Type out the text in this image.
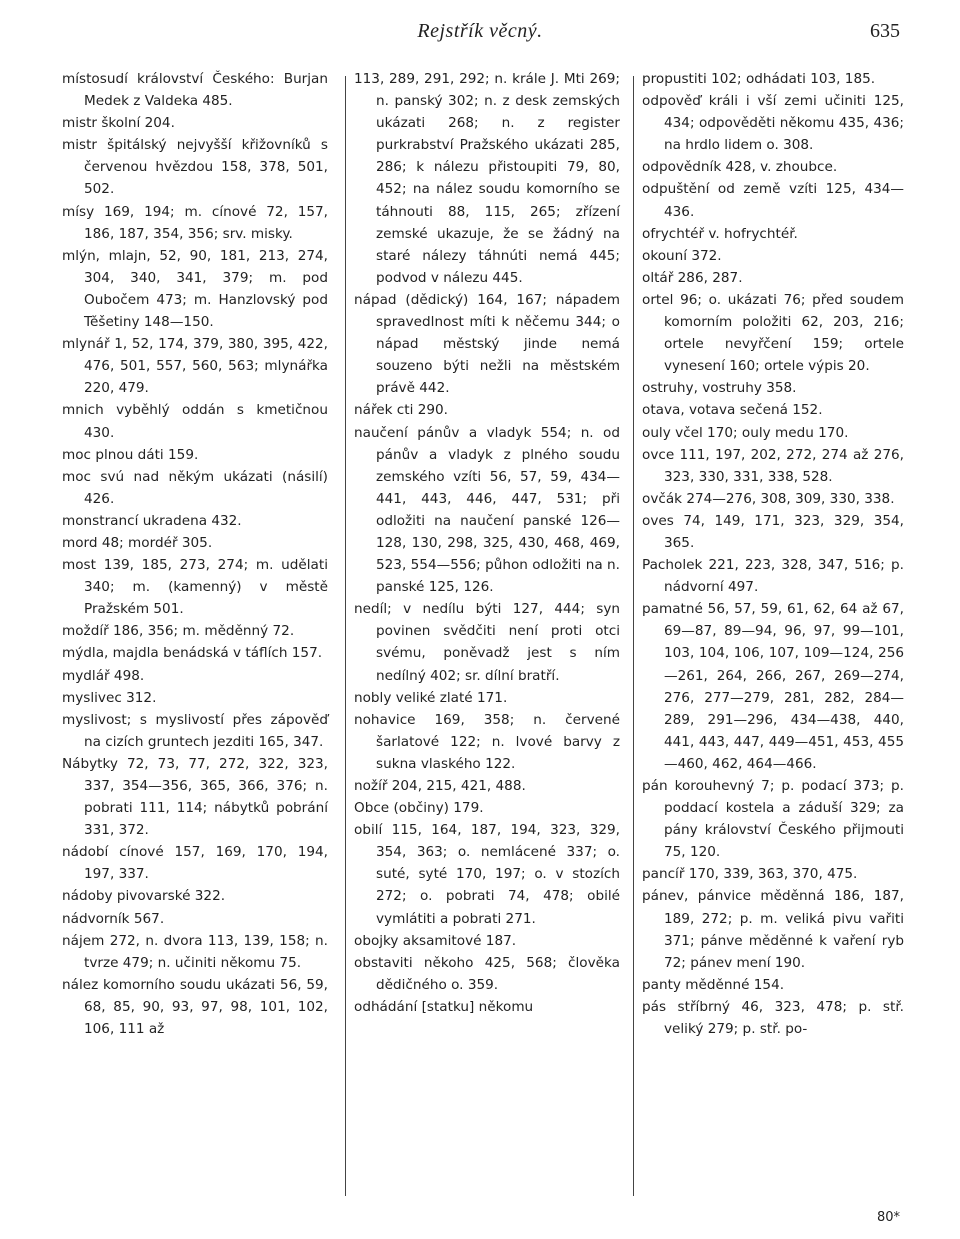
Rejstřík věcný.	635

místosudí království Českého: Burjan Medek z Valdeka 485.

mistr školní 204.

mistr špitálský nejvyšší křižovníků s červenou hvězdou 158, 378, 501, 502.

mísy 169, 194; m. cínové 72, 157, 186, 187, 354, 356; srv. misky.

mlýn, mlajn, 52, 90, 181, 213, 274, 304, 340, 341, 379; m. pod Oubočem 473; m. Hanzlovský pod Těšetiny 148—150.

mlynář 1, 52, 174, 379, 380, 395, 422, 476, 501, 557, 560, 563; mlynářka 220, 479.

mnich vyběhlý oddán s kmetičnou 430.

moc plnou dáti 159.

moc svú nad někým ukázati (násilí) 426.

monstrancí ukradena 432.

mord 48; mordéř 305.

most 139, 185, 273, 274; m. udělati 340; m. (kamenný) v městě Pražském 501.

moždíř 186, 356; m. měděnný 72.

mýdla, majdla benádská v táflích 157.

mydlář 498.

myslivec 312.

myslivost; s myslivostí přes zápověď na cizích gruntech jezditi 165, 347.

Nábytky 72, 73, 77, 272, 322, 323, 337, 354—356, 365, 366, 376; n. pobrati 111, 114; nábytků pobrání 331, 372.

nádobí cínové 157, 169, 170, 194, 197, 337.

nádoby pivovarské 322.

nádvorník 567.

nájem 272, n. dvora 113, 139, 158; n. tvrze 479; n. učiniti někomu 75.

nález komorního soudu ukázati 56, 59, 68, 85, 90, 93, 97, 98, 101, 102, 106, 111 až

113, 289, 291, 292; n. krále J. Mti 269; n. panský 302; n. z desk zemských ukázati 268; n. z register purkrabství Pražského ukázati 285, 286; k nálezu přistoupiti 79, 80, 452; na nález soudu komorního se táhnouti 88, 115, 265; zřízení zemské ukazuje, že se žádný na staré nálezy táhnúti nemá 445; podvod v nálezu 445.

nápad (dědický) 164, 167; nápadem spravedlnost míti k něčemu 344; o nápad městský jinde nemá souzeno býti nežli na městském právě 442.

nářek cti 290.

naučení pánův a vladyk 554; n. od pánův a vladyk z plného soudu zemského vzíti 56, 57, 59, 434—441, 443, 446, 447, 531; při odložiti na naučení panské 126—128, 130, 298, 325, 430, 468, 469, 523, 554—556; půhon odložiti na n. panské 125, 126.

nedíl; v nedílu býti 127, 444; syn povinen svědčiti není proti otci svému, poněvadž jest s ním nedílný 402; sr. dílní bratří.

nobly veliké zlaté 171.

nohavice 169, 358; n. červené šarlatové 122; n. lvové barvy z sukna vlaského 122.

nožíř 204, 215, 421, 488.

Obce (občiny) 179.

obilí 115, 164, 187, 194, 323, 329, 354, 363; o. nemlácené 337; o. suté, syté 170, 197; o. v stozích 272; o. pobrati 74, 478; obilé vymlátiti a pobrati 271.

obojky aksamitové 187.

obstaviti někoho 425, 568; člověka dědičného o. 359.

odhádání [statku] někomu

propustiti 102; odhádati 103, 185.

odpověď králi i vší zemi učiniti 125, 434; odpověděti někomu 435, 436; na hrdlo lidem o. 308.

odpovědník 428, v. zhoubce.

odpuštění od země vzíti 125, 434—436.

ofrychtéř v. hofrychtéř.

okouní 372.

oltář 286, 287.

ortel 96; o. ukázati 76; před soudem komorním položiti 62, 203, 216; ortele nevyřčení 159; ortele vynesení 160; ortele výpis 20.

ostruhy, vostruhy 358.

otava, votava sečená 152.

ouly včel 170; ouly medu 170.

ovce 111, 197, 202, 272, 274 až 276, 323, 330, 331, 338, 528.

ovčák 274—276, 308, 309, 330, 338.

oves 74, 149, 171, 323, 329, 354, 365.

Pacholek 221, 223, 328, 347, 516; p. nádvorní 497.

pamatné 56, 57, 59, 61, 62, 64 až 67, 69—87, 89—94, 96, 97, 99—101, 103, 104, 106, 107, 109—124, 256—261, 264, 266, 267, 269—274, 276, 277—279, 281, 282, 284—289, 291—296, 434—438, 440, 441, 443, 447, 449—451, 453, 455—460, 462, 464—466.

pán korouhevný 7; p. podací 373; p. poddací kostela a záduší 329; za pány království Českého přijmouti 75, 120.

pancíř 170, 339, 363, 370, 475.

pánev, pánvice měděnná 186, 187, 189, 272; p. m. veliká pivu vařiti 371; pánve měděnné k vaření ryb 72; pánev mení 190.

panty měděnné 154.

pás stříbrný 46, 323, 478; p. stř. veliký 279; p. stř. po-

80*
